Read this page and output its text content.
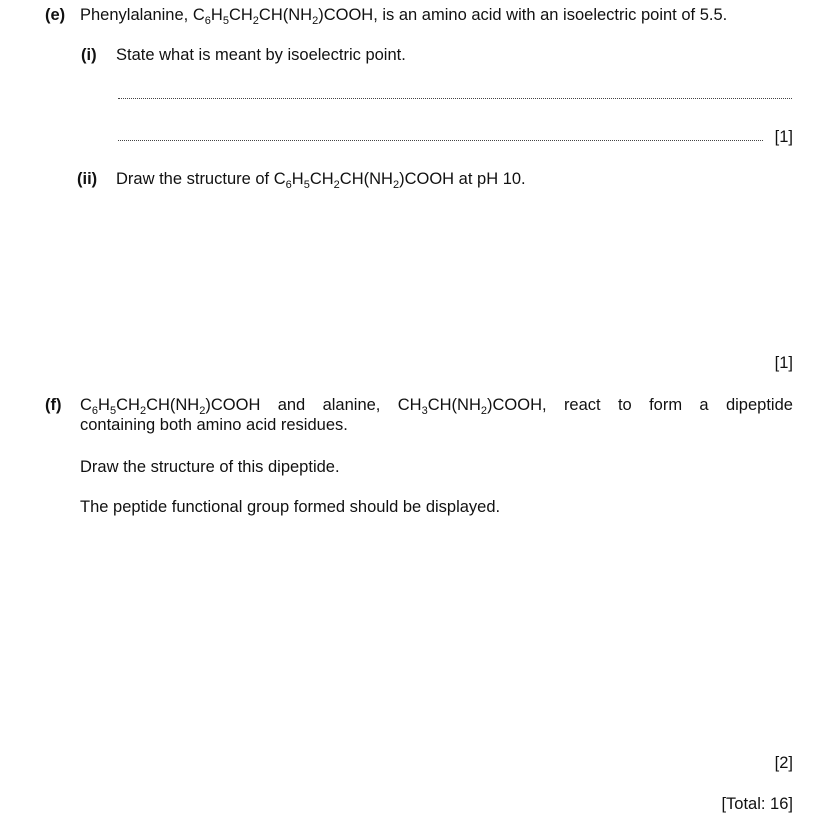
(e) Phenylalanine, $C_6H_5CH_2CH(NH_2)COOH$, is an amino acid with an isoelectric point of 5.5.
(i) State what is meant by isoelectric point.
[1]
(ii) Draw the structure of $C_6H_5CH_2CH(NH_2)COOH$ at pH 10.
[1]
(f) $C_6H_5CH_2CH(NH_2)COOH$ and alanine, $CH_3CH(NH_2)COOH$, react to form a dipeptide
containing both amino acid residues.
Draw the structure of this dipeptide.
The peptide functional group formed should be displayed.
[2]
[Total: 16]
